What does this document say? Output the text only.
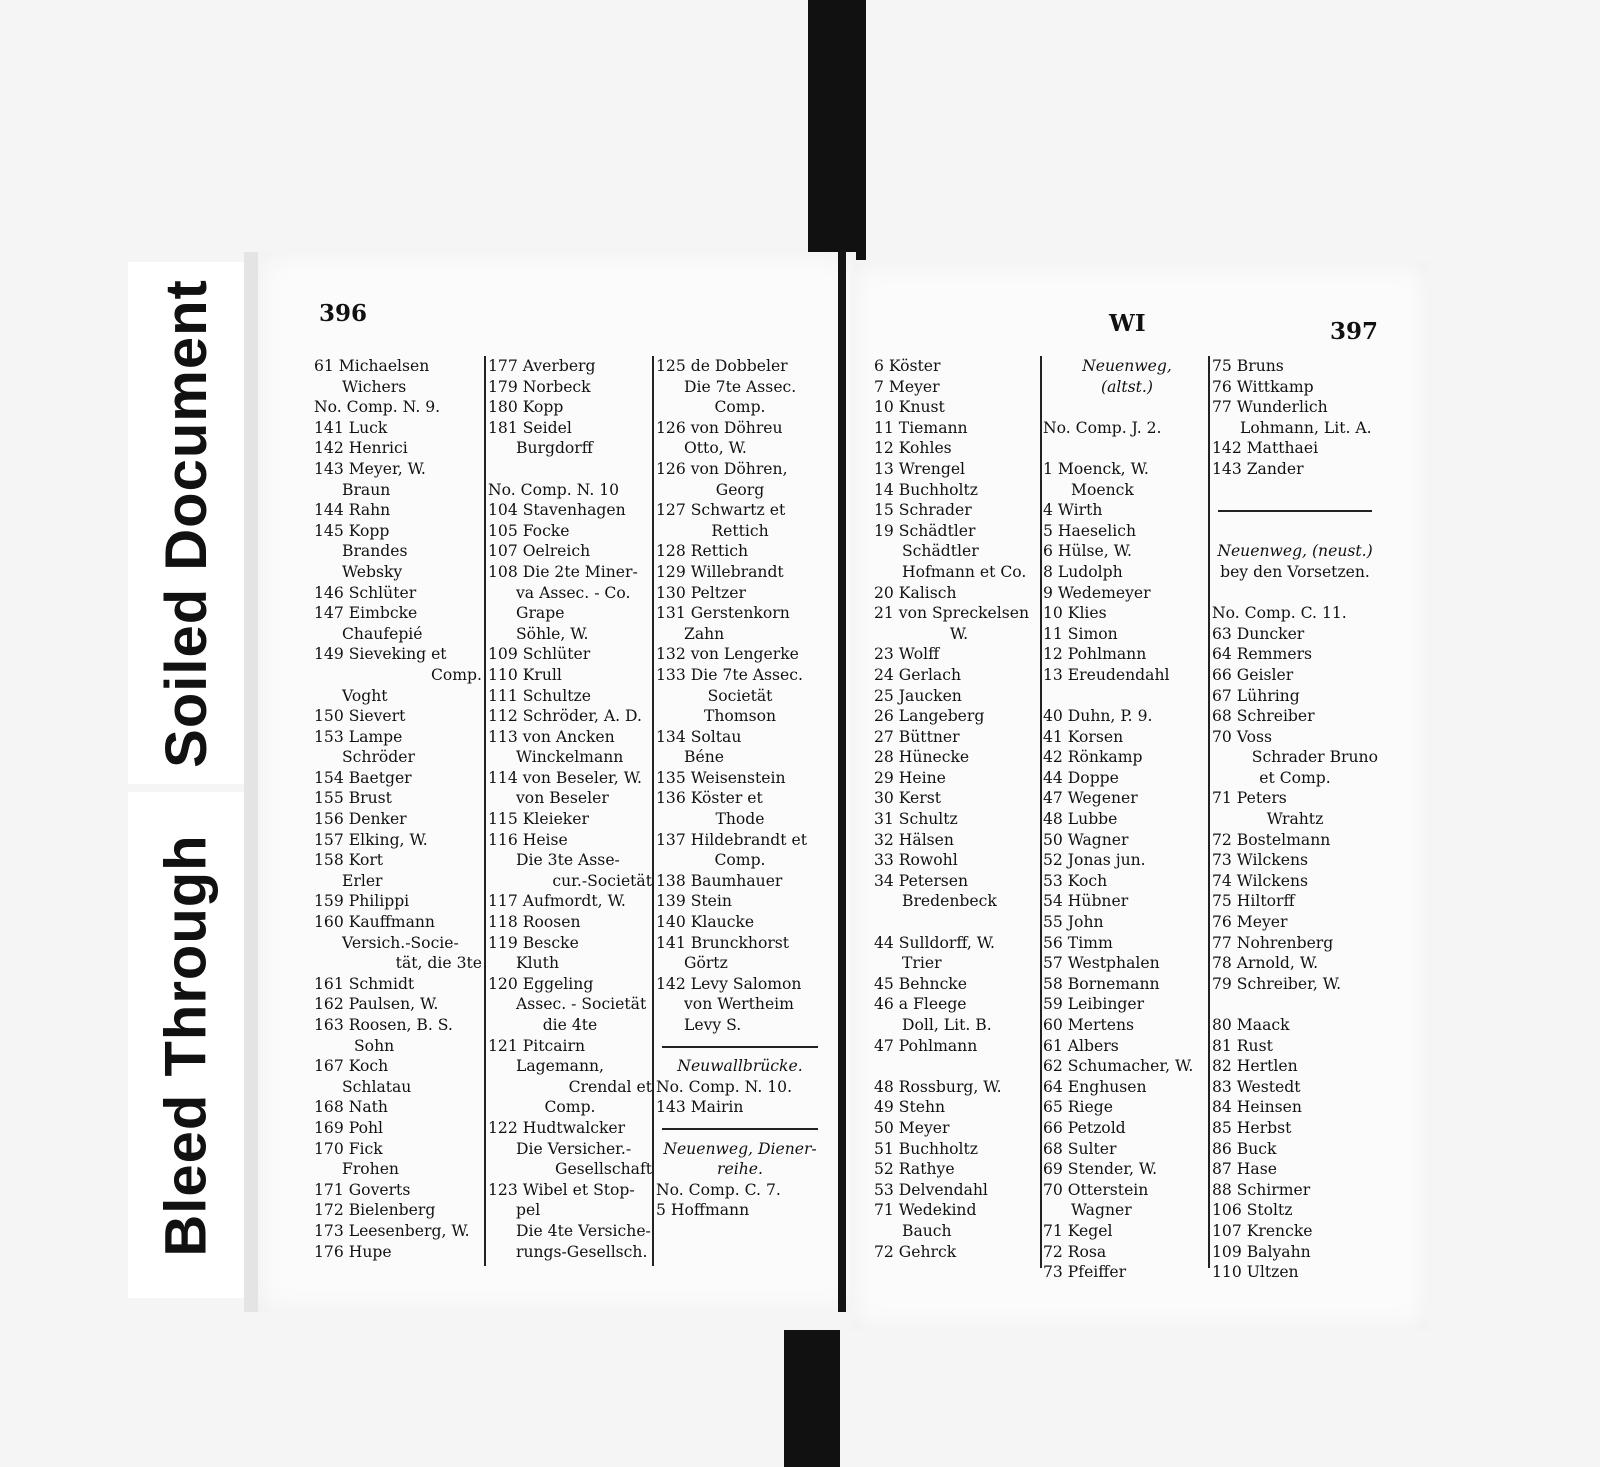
Soiled Document
Bleed Through
396	WI	397
61 Michaelsen
Wichers
No. Comp. N. 9.
141 Luck
142 Henrici
143 Meyer, W.
Braun
144 Rahn
145 Kopp
Brandes
Websky
146 Schlüter
147 Eimbcke
Chaufepié
149 Sieveking et
Comp.
Voght
150 Sievert
153 Lampe
Schröder
154 Baetger
155 Brust
156 Denker
157 Elking, W.
158 Kort
Erler
159 Philippi
160 Kauffmann
Versich.-Socie-
tät, die 3te
161 Schmidt
162 Paulsen, W.
163 Roosen, B. S.
Sohn
167 Koch
Schlatau
168 Nath
169 Pohl
170 Fick
Frohen
171 Goverts
172 Bielenberg
173 Leesenberg, W.
176 Hupe
177 Averberg
179 Norbeck
180 Kopp
181 Seidel
Burgdorff
No. Comp. N. 10
104 Stavenhagen
105 Focke
107 Oelreich
108 Die 2te Miner-
va Assec. - Co.
Grape
Söhle, W.
109 Schlüter
110 Krull
111 Schultze
112 Schröder, A. D.
113 von Ancken
Winckelmann
114 von Beseler, W.
von Beseler
115 Kleieker
116 Heise
Die 3te Asse-
cur.-Societät
117 Aufmordt, W.
118 Roosen
119 Bescke
Kluth
120 Eggeling
Assec. - Societät
die 4te
121 Pitcairn
Lagemann,
Crendal et
Comp.
122 Hudtwalcker
Die Versicher.-
Gesellschaft
123 Wibel et Stop-
pel
Die 4te Versiche-
rungs-Gesellsch.
125 de Dobbeler
Die 7te Assec.
Comp.
126 von Döhreu
Otto, W.
126 von Döhren,
Georg
127 Schwartz et
Rettich
128 Rettich
129 Willebrandt
130 Peltzer
131 Gerstenkorn
Zahn
132 von Lengerke
133 Die 7te Assec.
Societät
Thomson
134 Soltau
Béne
135 Weisenstein
136 Köster et
Thode
137 Hildebrandt et
Comp.
138 Baumhauer
139 Stein
140 Klaucke
141 Brunckhorst
Görtz
142 Levy Salomon
von Wertheim
Levy S.
Neuwallbrücke.
No. Comp. N. 10.
143 Mairin
Neuenweg, Diener-
reihe.
No. Comp. C. 7.
5 Hoffmann
6 Köster
7 Meyer
10 Knust
11 Tiemann
12 Kohles
13 Wrengel
14 Buchholtz
15 Schrader
19 Schädtler
Schädtler
Hofmann et Co.
20 Kalisch
21 von Spreckelsen
W.
23 Wolff
24 Gerlach
25 Jaucken
26 Langeberg
27 Büttner
28 Hünecke
29 Heine
30 Kerst
31 Schultz
32 Hälsen
33 Rowohl
34 Petersen
Bredenbeck
44 Sulldorff, W.
Trier
45 Behncke
46 a Fleege
Doll, Lit. B.
47 Pohlmann
48 Rossburg, W.
49 Stehn
50 Meyer
51 Buchholtz
52 Rathye
53 Delvendahl
71 Wedekind
Bauch
72 Gehrck
Neuenweg,
(altst.)
No. Comp. J. 2.
1 Moenck, W.
Moenck
4 Wirth
5 Haeselich
6 Hülse, W.
8 Ludolph
9 Wedemeyer
10 Klies
11 Simon
12 Pohlmann
13 Ereudendahl
40 Duhn, P. 9.
41 Korsen
42 Rönkamp
44 Doppe
47 Wegener
48 Lubbe
50 Wagner
52 Jonas jun.
53 Koch
54 Hübner
55 John
56 Timm
57 Westphalen
58 Bornemann
59 Leibinger
60 Mertens
61 Albers
62 Schumacher, W.
64 Enghusen
65 Riege
66 Petzold
68 Sulter
69 Stender, W.
70 Otterstein
Wagner
71 Kegel
72 Rosa
73 Pfeiffer
75 Bruns
76 Wittkamp
77 Wunderlich
Lohmann, Lit. A.
142 Matthaei
143 Zander
Neuenweg, (neust.)
bey den Vorsetzen.
No. Comp. C. 11.
63 Duncker
64 Remmers
66 Geisler
67 Lühring
68 Schreiber
70 Voss
Schrader Bruno
et Comp.
71 Peters
Wrahtz
72 Bostelmann
73 Wilckens
74 Wilckens
75 Hiltorff
76 Meyer
77 Nohrenberg
78 Arnold, W.
79 Schreiber, W.
80 Maack
81 Rust
82 Hertlen
83 Westedt
84 Heinsen
85 Herbst
86 Buck
87 Hase
88 Schirmer
106 Stoltz
107 Krencke
109 Balyahn
110 Ultzen
